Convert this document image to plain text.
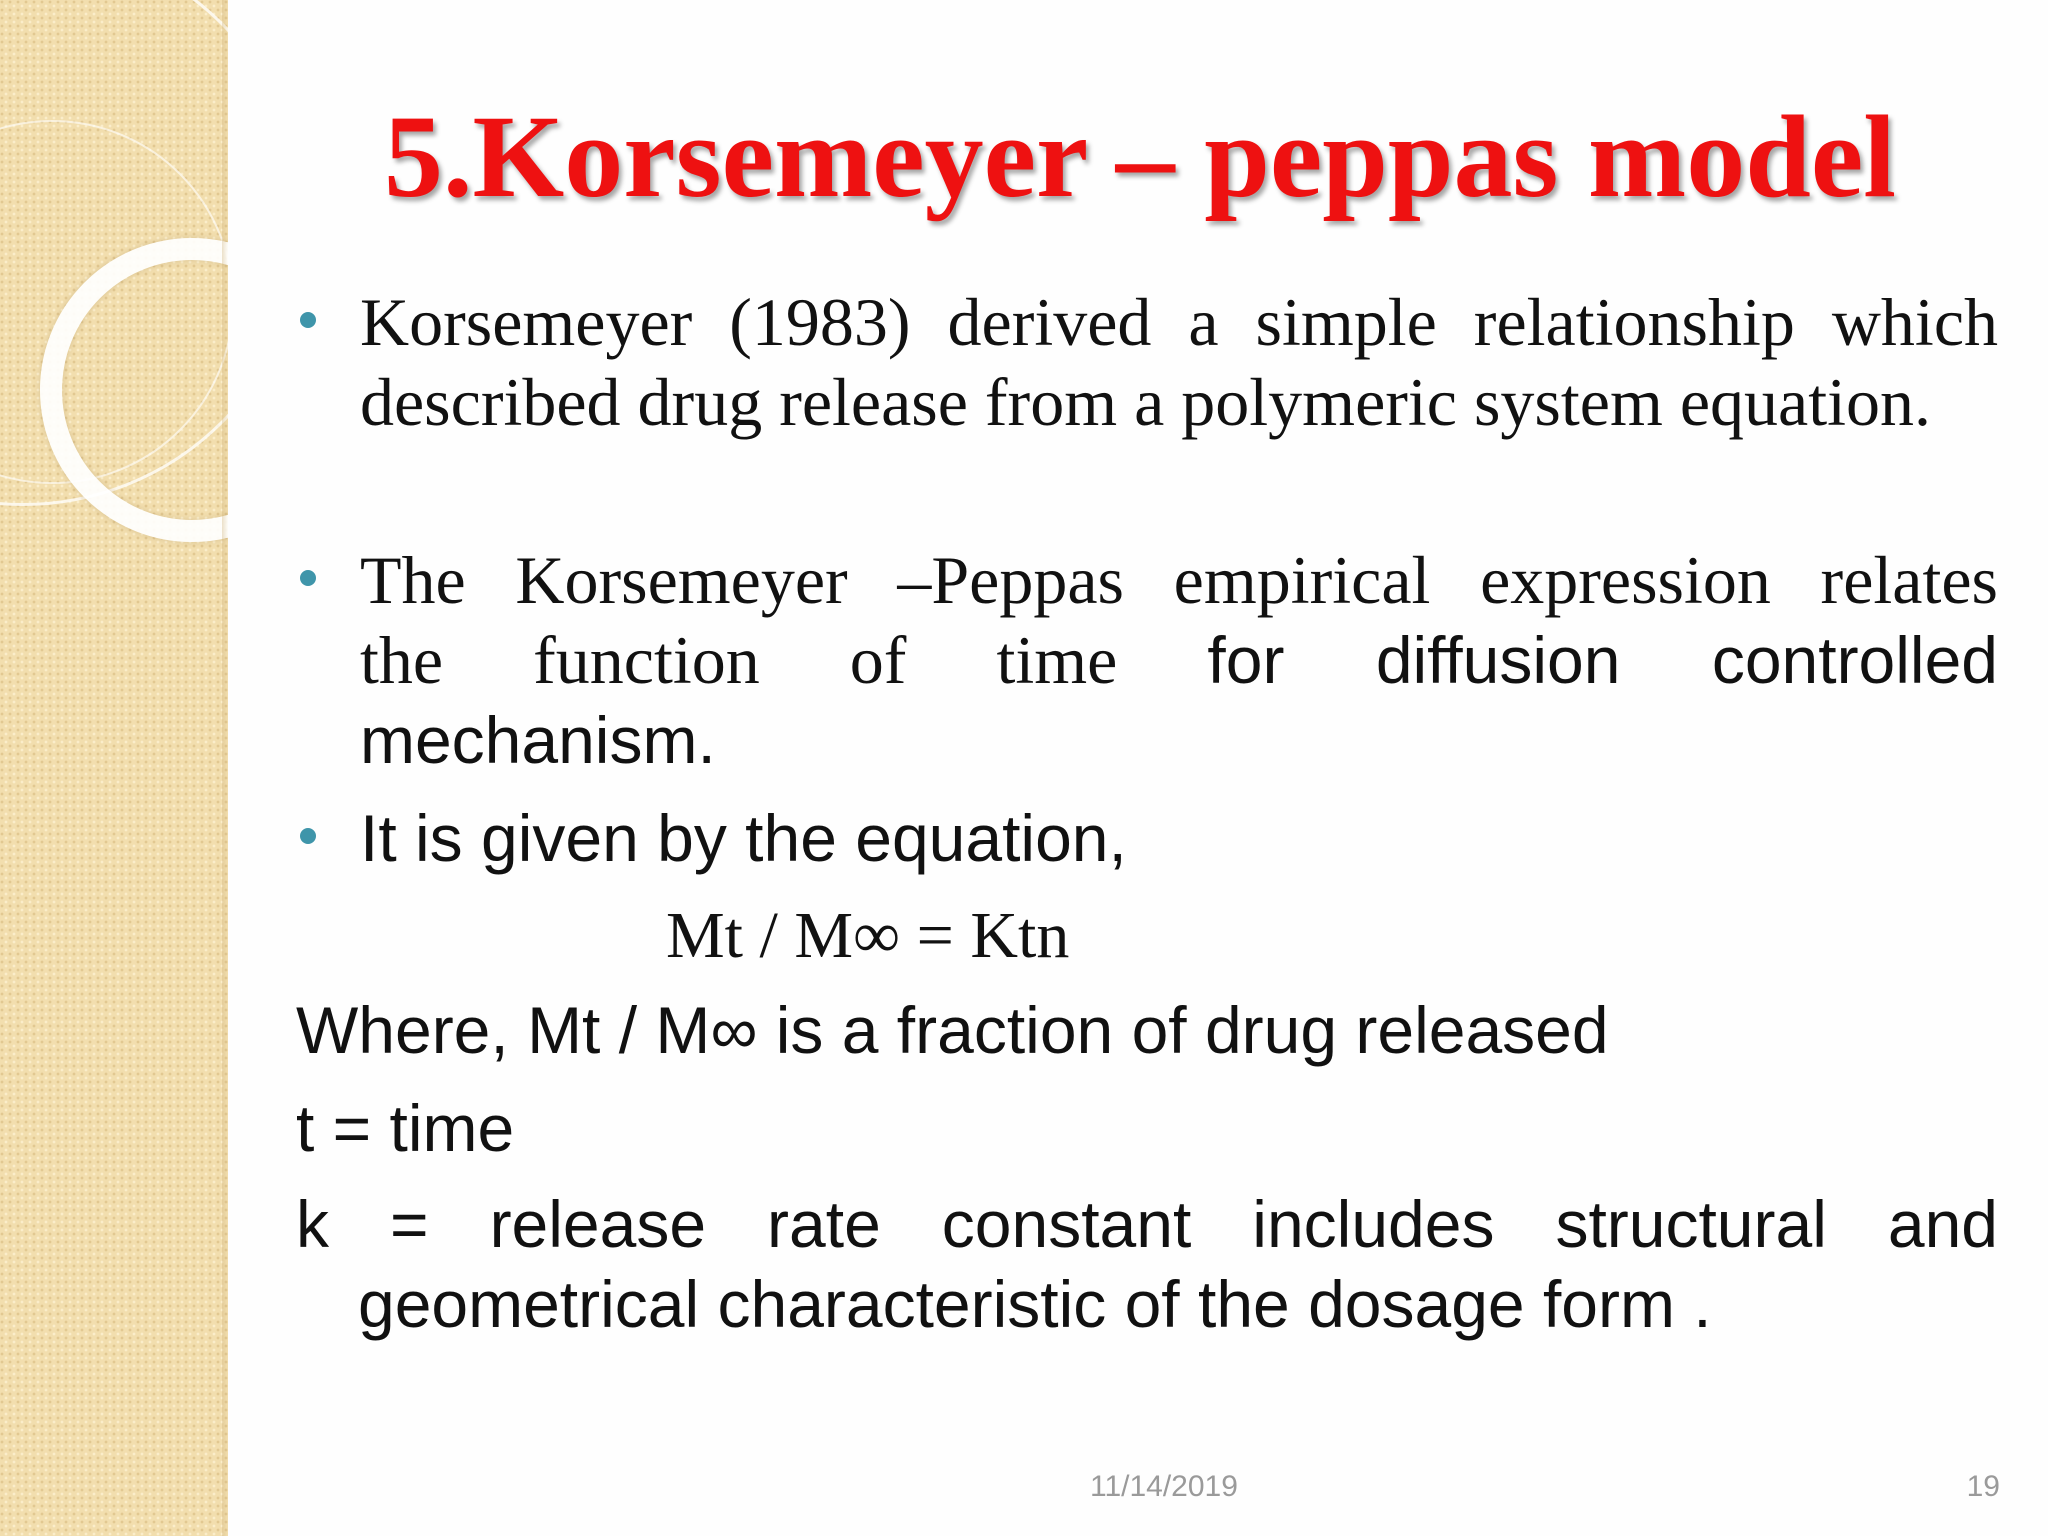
5.Korsemeyer – peppas model
Korsemeyer (1983) derived a simple relationship which described drug release from a polymeric system equation.
The Korsemeyer –Peppas empirical expression relates
the function of time for diffusion controlled
mechanism.
It is given by the equation,
Mt / M∞ = Ktn
Where, Mt / M∞ is a fraction of drug released
t = time
k = release rate constant includes structural and
geometrical characteristic of the dosage form .
11/14/2019	19
